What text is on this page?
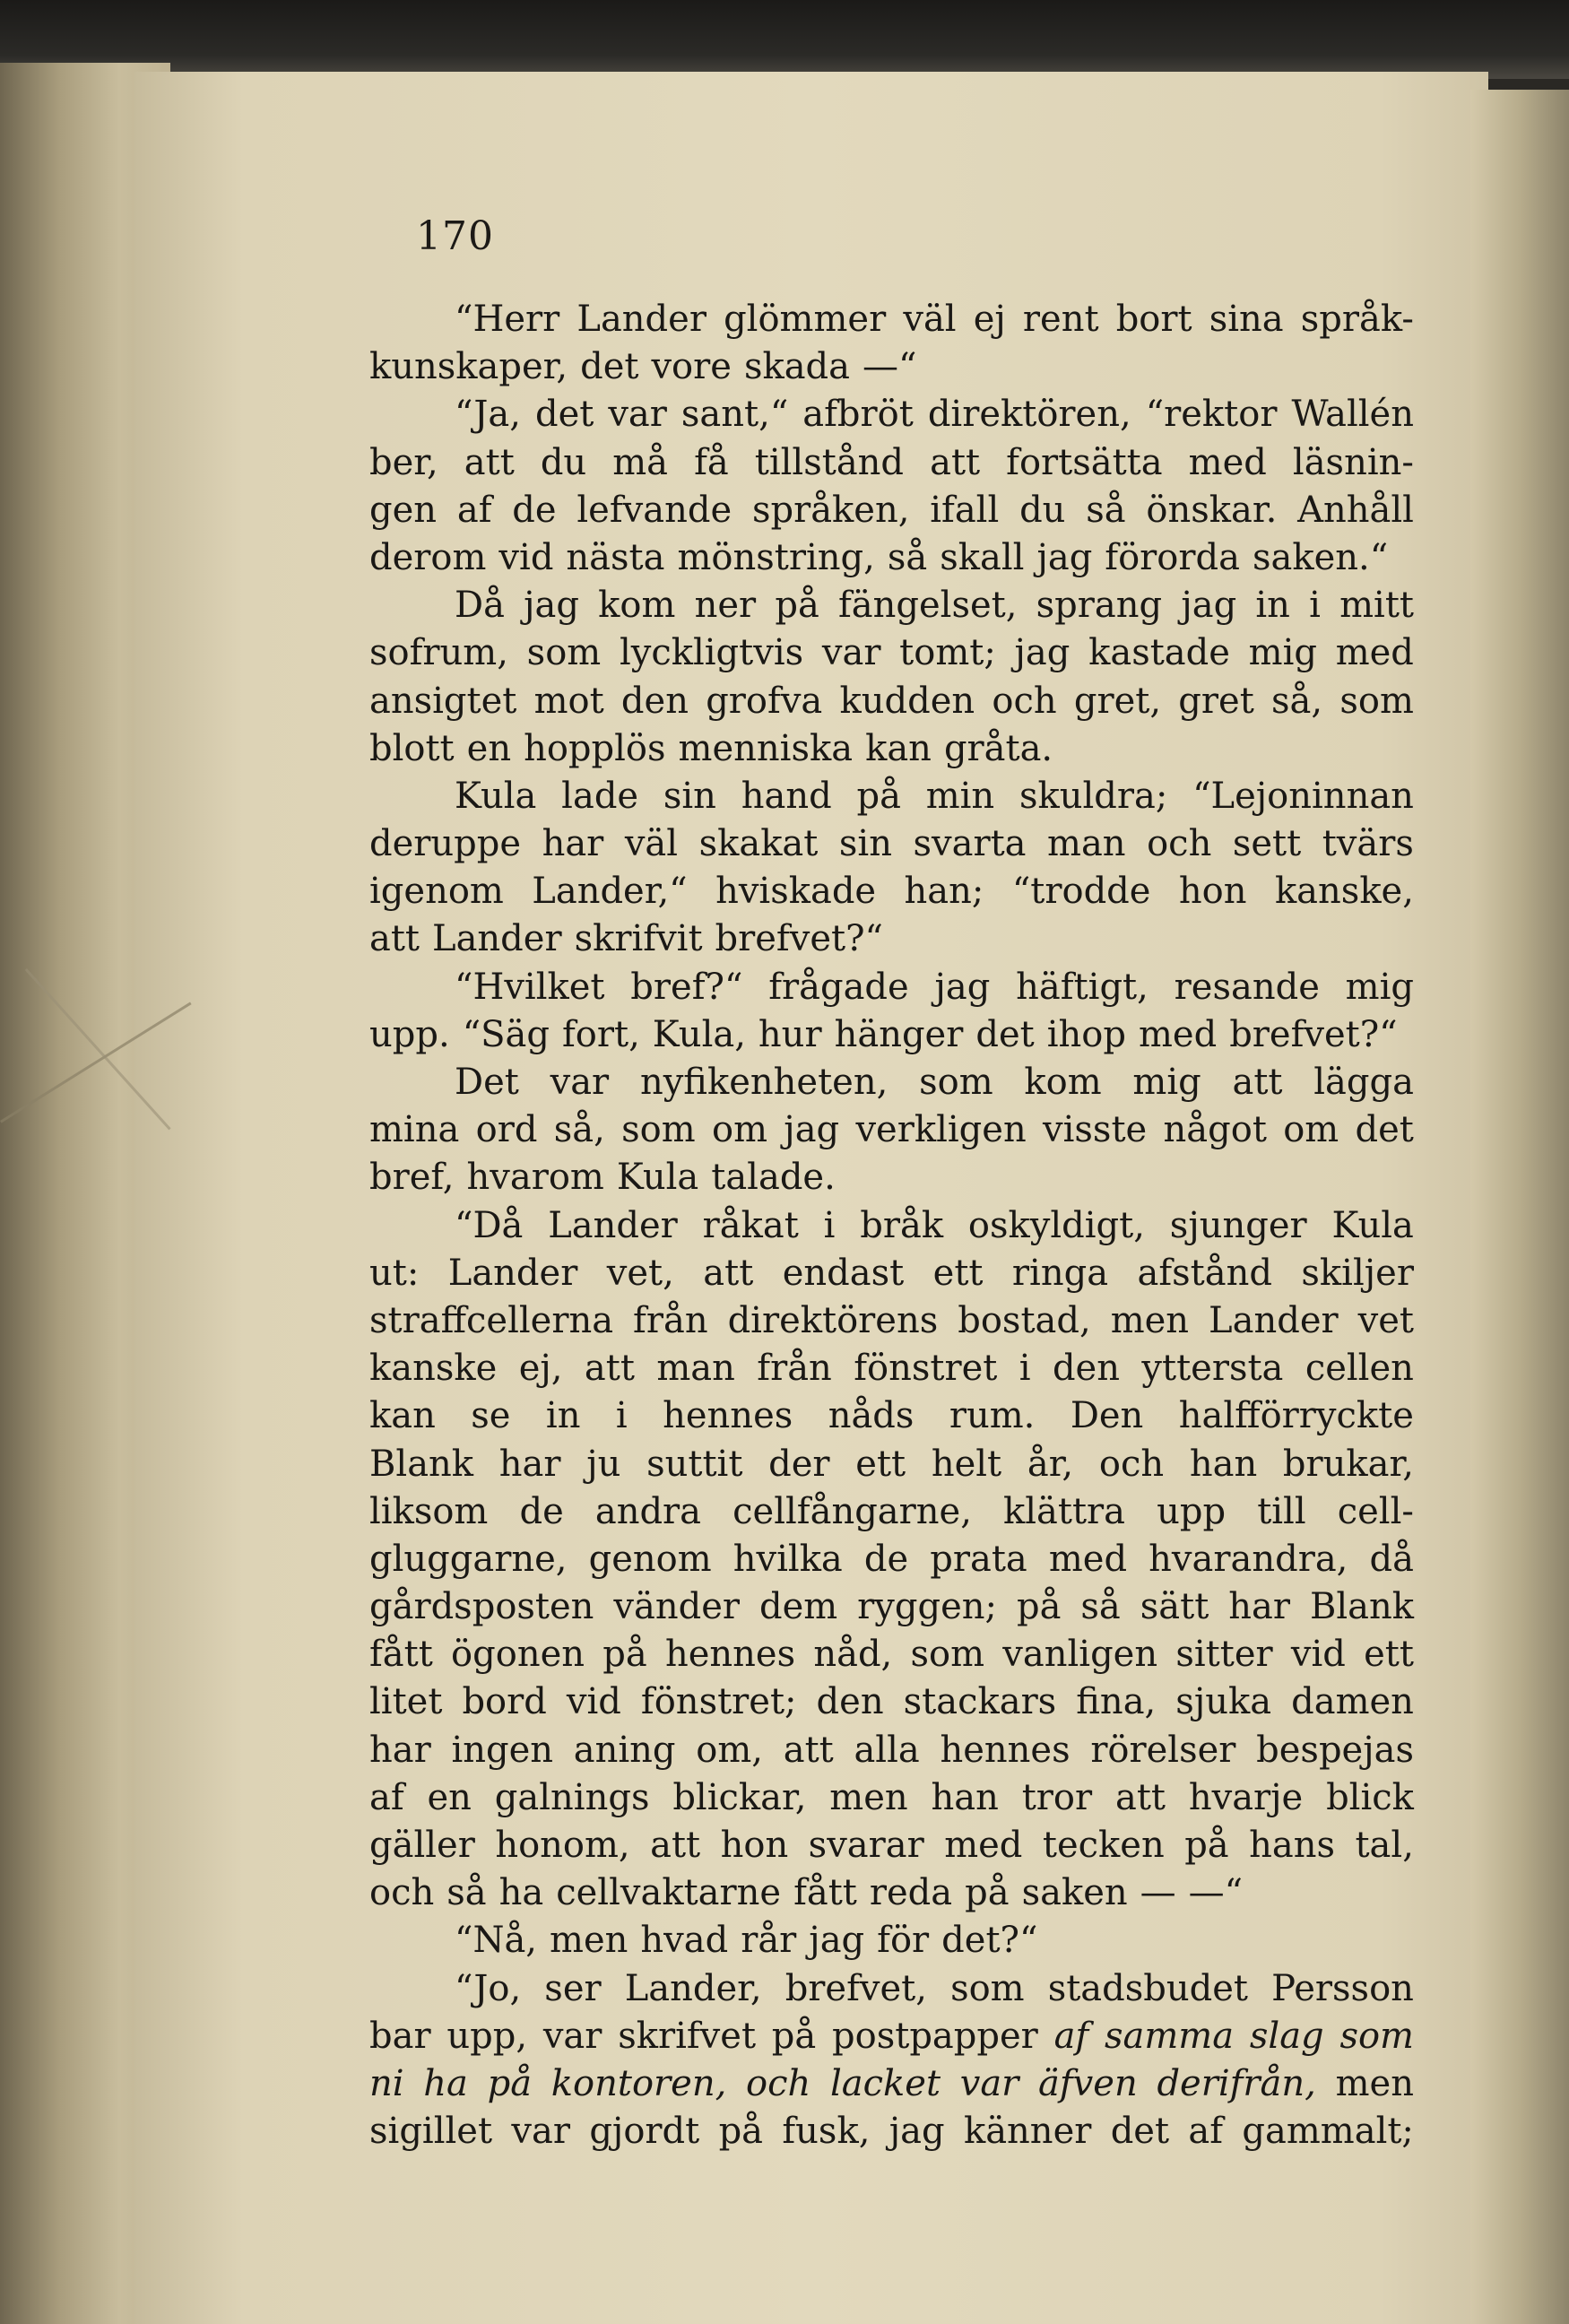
170
“Herr Lander glömmer väl ej rent bort sina språk-
kunskaper, det vore skada —“
“Ja, det var sant,“ afbröt direktören, “rektor Wallén
ber, att du må få tillstånd att fortsätta med läsnin-
gen af de lefvande språken, ifall du så önskar. Anhåll
derom vid nästa mönstring, så skall jag förorda saken.“
Då jag kom ner på fängelset, sprang jag in i mitt
sofrum, som lyckligtvis var tomt; jag kastade mig med
ansigtet mot den grofva kudden och gret, gret så, som
blott en hopplös menniska kan gråta.
Kula lade sin hand på min skuldra; “Lejoninnan
deruppe har väl skakat sin svarta man och sett tvärs
igenom Lander,“ hviskade han; “trodde hon kanske,
att Lander skrifvit brefvet?“
“Hvilket bref?“ frågade jag häftigt, resande mig
upp. “Säg fort, Kula, hur hänger det ihop med brefvet?“
Det var nyfikenheten, som kom mig att lägga
mina ord så, som om jag verkligen visste något om det
bref, hvarom Kula talade.
“Då Lander råkat i bråk oskyldigt, sjunger Kula
ut: Lander vet, att endast ett ringa afstånd skiljer
straffcellerna från direktörens bostad, men Lander vet
kanske ej, att man från fönstret i den yttersta cellen
kan se in i hennes nåds rum. Den halfförryckte
Blank har ju suttit der ett helt år, och han brukar,
liksom de andra cellfångarne, klättra upp till cell-
gluggarne, genom hvilka de prata med hvarandra, då
gårdsposten vänder dem ryggen; på så sätt har Blank
fått ögonen på hennes nåd, som vanligen sitter vid ett
litet bord vid fönstret; den stackars fina, sjuka damen
har ingen aning om, att alla hennes rörelser bespejas
af en galnings blickar, men han tror att hvarje blick
gäller honom, att hon svarar med tecken på hans tal,
och så ha cellvaktarne fått reda på saken — —“
“Nå, men hvad rår jag för det?“
“Jo, ser Lander, brefvet, som stadsbudet Persson
bar upp, var skrifvet på postpapper af samma slag som
ni ha på kontoren, och lacket var äfven derifrån, men
sigillet var gjordt på fusk, jag känner det af gammalt;
